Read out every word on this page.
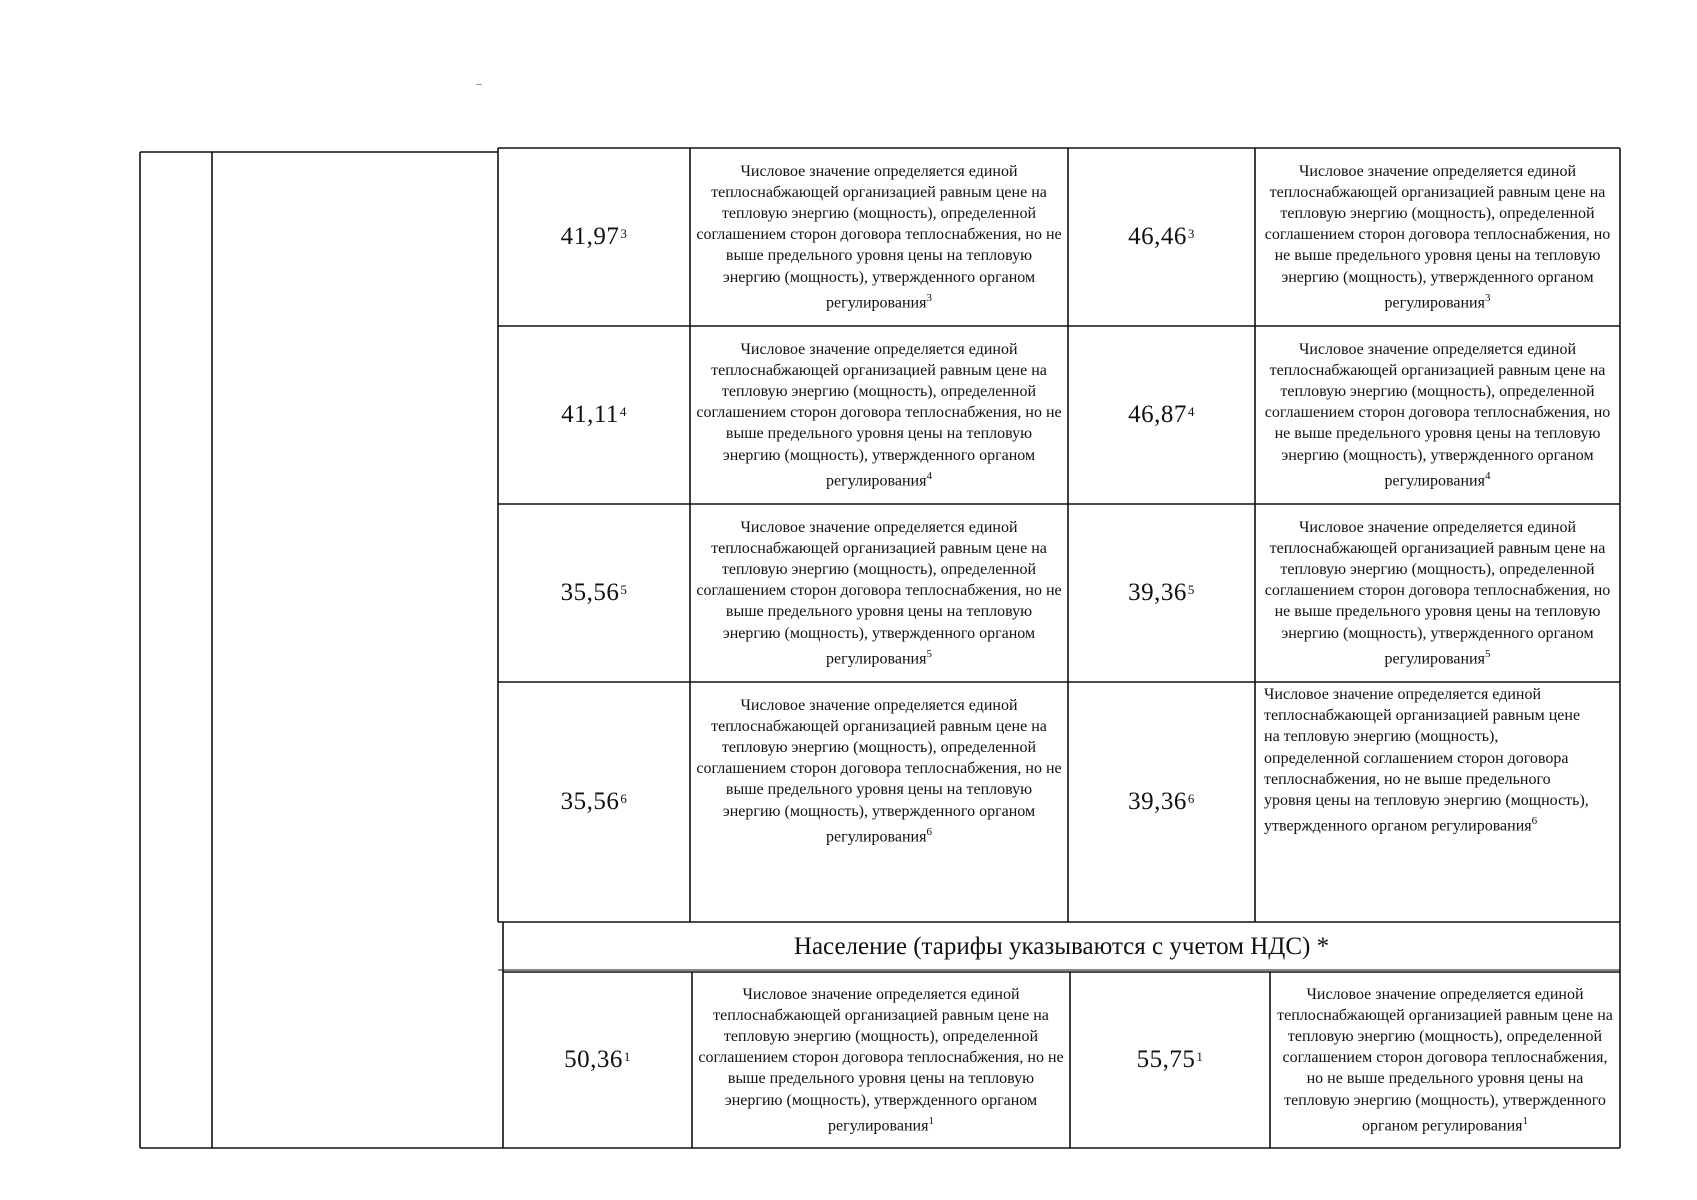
41,97$^3$
Числовое значение определяется единой теплоснабжающей организацией равным цене на тепловую энергию (мощность), определенной соглашением сторон договора теплоснабжения, но не выше предельного уровня цены на тепловую энергию (мощность), утвержденного органом регулирования$^3$
46,46$^3$
Числовое значение определяется единой теплоснабжающей организацией равным цене на тепловую энергию (мощность), определенной соглашением сторон договора теплоснабжения, но не выше предельного уровня цены на тепловую энергию (мощность), утвержденного органом регулирования$^3$
41,11$^4$
Числовое значение определяется единой теплоснабжающей организацией равным цене на тепловую энергию (мощность), определенной соглашением сторон договора теплоснабжения, но не выше предельного уровня цены на тепловую энергию (мощность), утвержденного органом регулирования$^4$
46,87$^4$
Числовое значение определяется единой теплоснабжающей организацией равным цене на тепловую энергию (мощность), определенной соглашением сторон договора теплоснабжения, но не выше предельного уровня цены на тепловую энергию (мощность), утвержденного органом регулирования$^4$
35,56$^5$
Числовое значение определяется единой теплоснабжающей организацией равным цене на тепловую энергию (мощность), определенной соглашением сторон договора теплоснабжения, но не выше предельного уровня цены на тепловую энергию (мощность), утвержденного органом регулирования$^5$
39,36$^5$
Числовое значение определяется единой теплоснабжающей организацией равным цене на тепловую энергию (мощность), определенной соглашением сторон договора теплоснабжения, но не выше предельного уровня цены на тепловую энергию (мощность), утвержденного органом регулирования$^5$
35,56$^6$
Числовое значение определяется единой теплоснабжающей организацией равным цене на тепловую энергию (мощность), определенной соглашением сторон договора теплоснабжения, но не выше предельного уровня цены на тепловую энергию (мощность), утвержденного органом регулирования$^6$
39,36$^6$
Числовое значение определяется единой теплоснабжающей организацией равным цене на тепловую энергию (мощность), определенной соглашением сторон договора теплоснабжения, но не выше предельного уровня цены на тепловую энергию (мощность), утвержденного органом регулирования$^6$
Население (тарифы указываются с учетом НДС) *
50,36$^1$
Числовое значение определяется единой теплоснабжающей организацией равным цене на тепловую энергию (мощность), определенной соглашением сторон договора теплоснабжения, но не выше предельного уровня цены на тепловую энергию (мощность), утвержденного органом регулирования$^1$
55,75$^1$
Числовое значение определяется единой теплоснабжающей организацией равным цене на тепловую энергию (мощность), определенной соглашением сторон договора теплоснабжения, но не выше предельного уровня цены на тепловую энергию (мощность), утвержденного органом регулирования$^1$
